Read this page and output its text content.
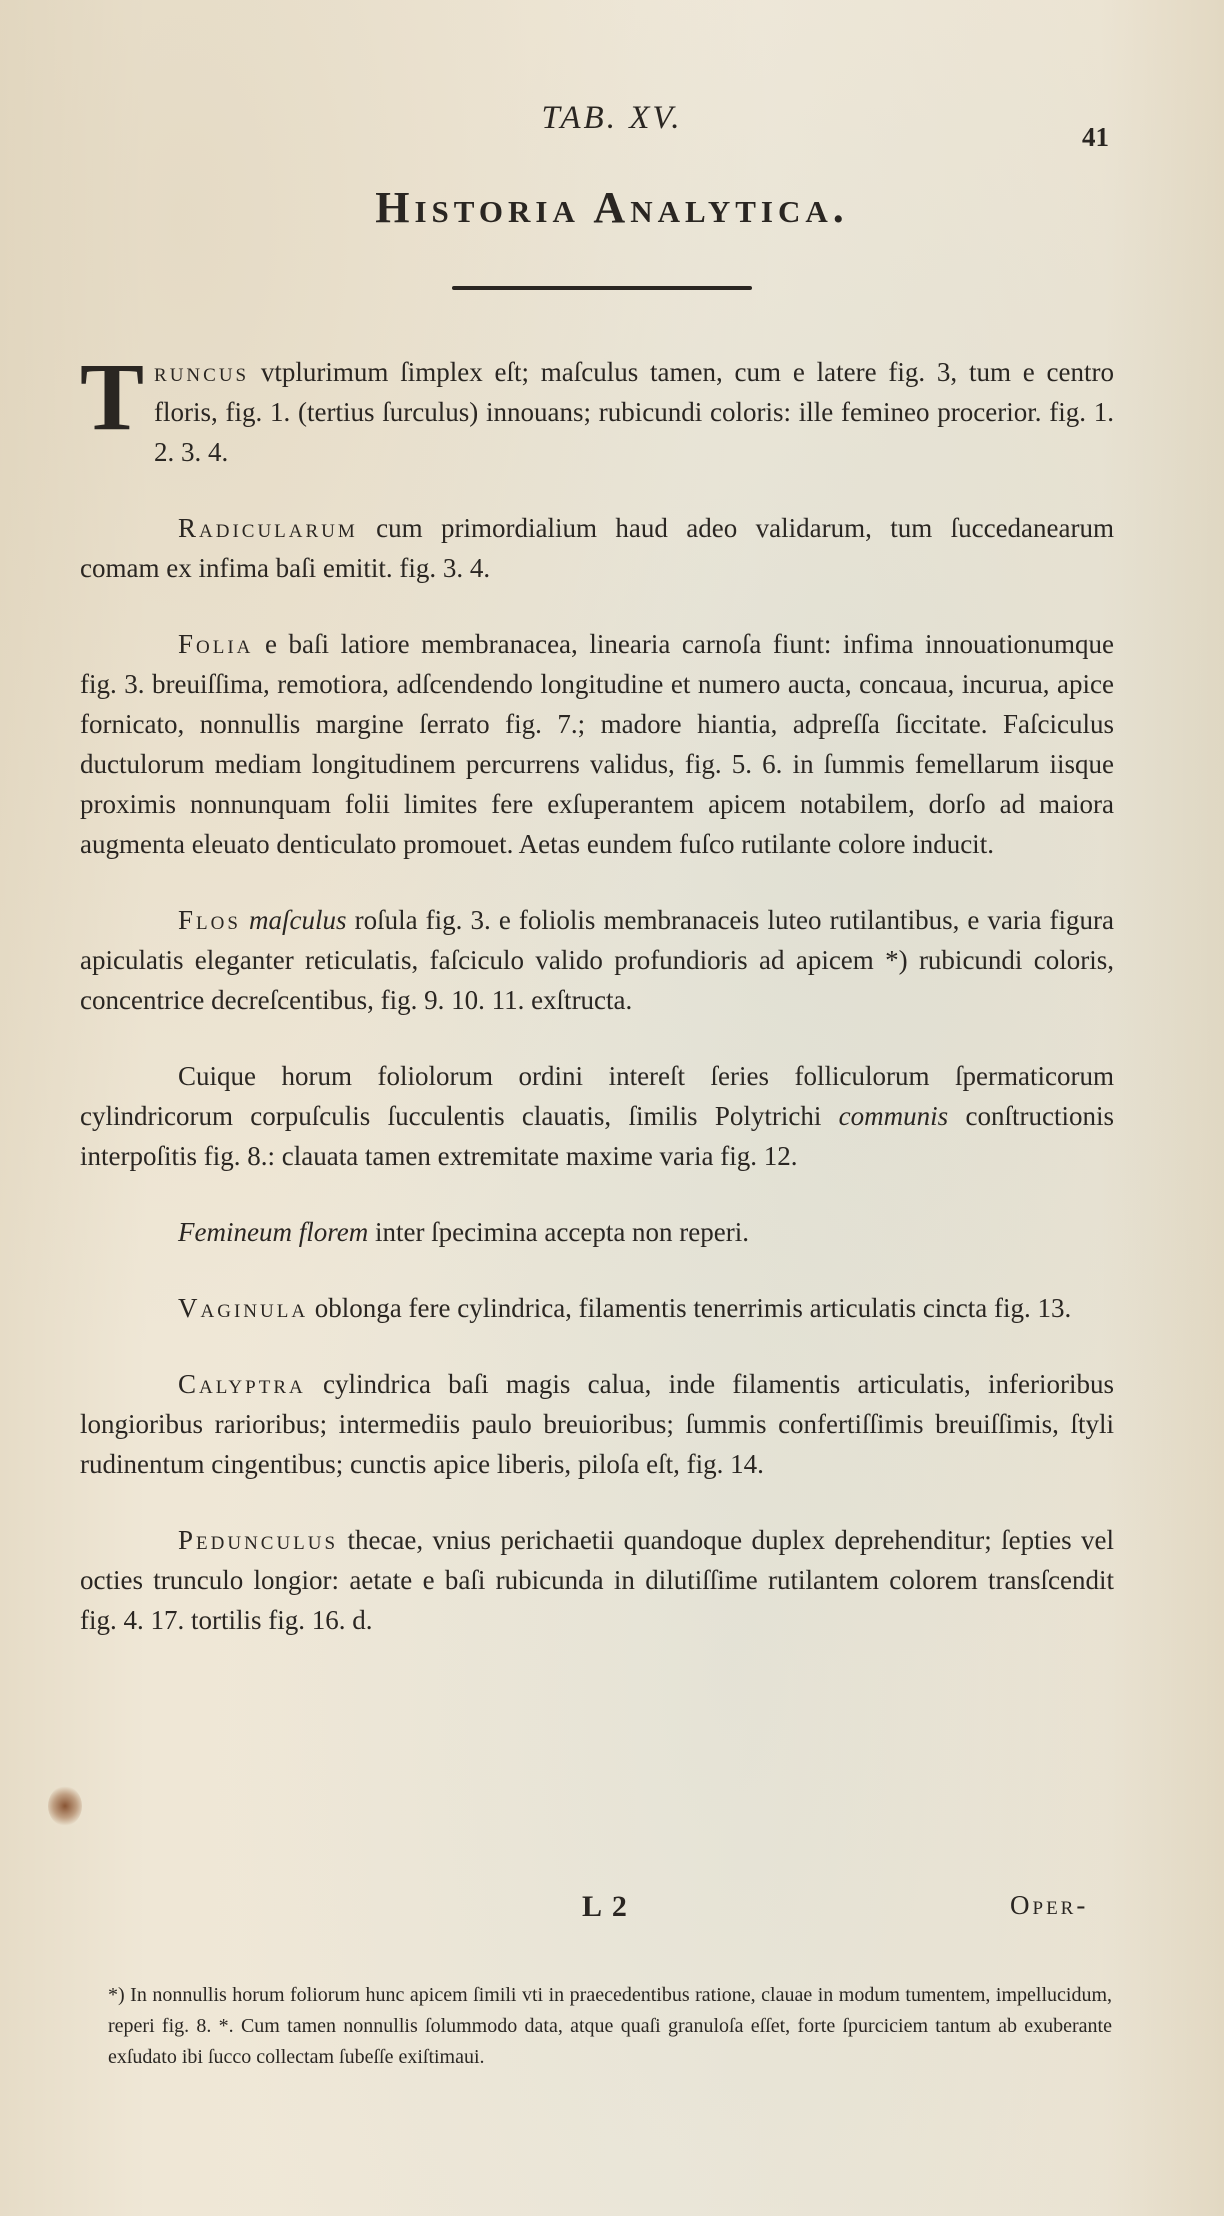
TAB. XV.
41
Historia Analytica.

Truncus vtplurimum ſimplex eſt; maſculus tamen, cum e latere fig. 3, tum e centro floris, fig. 1. (tertius ſurculus) innouans; rubicundi coloris: ille femineo procerior. fig. 1. 2. 3. 4.

Radicularum cum primordialium haud adeo validarum, tum ſuccedanearum comam ex infima baſi emitit. fig. 3. 4.

Folia e baſi latiore membranacea, linearia carnoſa fiunt: infima innouationumque fig. 3. breuiſſima, remotiora, adſcendendo longitudine et numero aucta, concaua, incurua, apice fornicato, nonnullis margine ſerrato fig. 7.; madore hiantia, adpreſſa ſiccitate. Faſciculus ductulorum mediam longitudinem percurrens validus, fig. 5. 6. in ſummis femellarum iisque proximis nonnunquam folii limites fere exſuperantem apicem notabilem, dorſo ad maiora augmenta eleuato denticulato promouet. Aetas eundem fuſco rutilante colore inducit.

Flos maſculus roſula fig. 3. e foliolis membranaceis luteo rutilantibus, e varia figura apiculatis eleganter reticulatis, faſciculo valido profundioris ad apicem *) rubicundi coloris, concentrice decreſcentibus, fig. 9. 10. 11. exſtructa.

Cuique horum foliolorum ordini intereſt ſeries folliculorum ſpermaticorum cylindricorum corpuſculis ſucculentis clauatis, ſimilis Polytrichi communis conſtructionis interpoſitis fig. 8.: clauata tamen extremitate maxime varia fig. 12.

Femineum florem inter ſpecimina accepta non reperi.

Vaginula oblonga fere cylindrica, filamentis tenerrimis articulatis cincta fig. 13.

Calyptra cylindrica baſi magis calua, inde filamentis articulatis, inferioribus longioribus rarioribus; intermediis paulo breuioribus; ſummis confertiſſimis breuiſſimis, ſtyli rudinentum cingentibus; cunctis apice liberis, piloſa eſt, fig. 14.

Pedunculus thecae, vnius perichaetii quandoque duplex deprehenditur; ſepties vel octies trunculo longior: aetate e baſi rubicunda in dilutiſſime rutilantem colorem transſcendit fig. 4. 17. tortilis fig. 16. d.

L 2	Oper-
*) In nonnullis horum foliorum hunc apicem ſimili vti in praecedentibus ratione, clauae in modum tumentem, impellucidum, reperi fig. 8. *. Cum tamen nonnullis ſolummodo data, atque quaſi granuloſa eſſet, forte ſpurciciem tantum ab exuberante exſudato ibi ſucco collectam ſubeſſe exiſtimaui.
